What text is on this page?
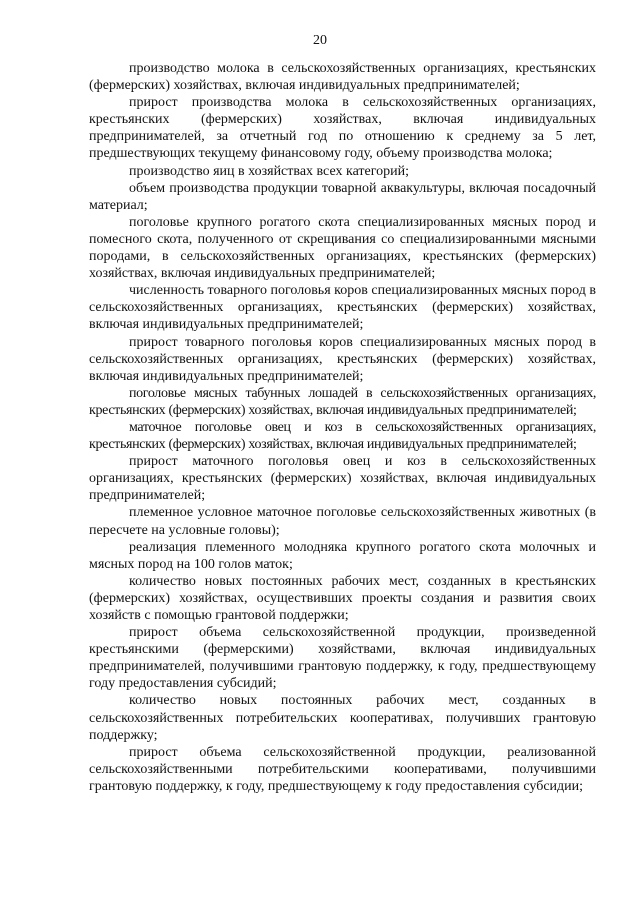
20

производство молока в сельскохозяйственных организациях, крестьянских (фермерских) хозяйствах, включая индивидуальных предпринимателей;

прирост производства молока в сельскохозяйственных организациях, крестьянских (фермерских) хозяйствах, включая индивидуальных предпринимателей, за отчетный год по отношению к среднему за 5 лет, предшествующих текущему финансовому году, объему производства молока;

производство яиц в хозяйствах всех категорий;

объем производства продукции товарной аквакультуры, включая посадочный материал;

поголовье крупного рогатого скота специализированных мясных пород и помесного скота, полученного от скрещивания со специализированными мясными породами, в сельскохозяйственных организациях, крестьянских (фермерских) хозяйствах, включая индивидуальных предпринимателей;

численность товарного поголовья коров специализированных мясных пород в сельскохозяйственных организациях, крестьянских (фермерских) хозяйствах, включая индивидуальных предпринимателей;

прирост товарного поголовья коров специализированных мясных пород в сельскохозяйственных организациях, крестьянских (фермерских) хозяйствах, включая индивидуальных предпринимателей;

поголовье мясных табунных лошадей в сельскохозяйственных организациях, крестьянских (фермерских) хозяйствах, включая индивидуальных предпринимателей;

маточное поголовье овец и коз в сельскохозяйственных организациях, крестьянских (фермерских) хозяйствах, включая индивидуальных предпринимателей;

прирост маточного поголовья овец и коз в сельскохозяйственных организациях, крестьянских (фермерских) хозяйствах, включая индивидуальных предпринимателей;

племенное условное маточное поголовье сельскохозяйственных животных (в пересчете на условные головы);

реализация племенного молодняка крупного рогатого скота молочных и мясных пород на 100 голов маток;

количество новых постоянных рабочих мест, созданных в крестьянских (фермерских) хозяйствах, осуществивших проекты создания и развития своих хозяйств с помощью грантовой поддержки;

прирост объема сельскохозяйственной продукции, произведенной крестьянскими (фермерскими) хозяйствами, включая индивидуальных предпринимателей, получившими грантовую поддержку, к году, предшествующему году предоставления субсидий;

количество новых постоянных рабочих мест, созданных в сельскохозяйственных потребительских кооперативах, получивших грантовую поддержку;

прирост объема сельскохозяйственной продукции, реализованной сельскохозяйственными потребительскими кооперативами, получившими грантовую поддержку, к году, предшествующему к году предоставления субсидии;
